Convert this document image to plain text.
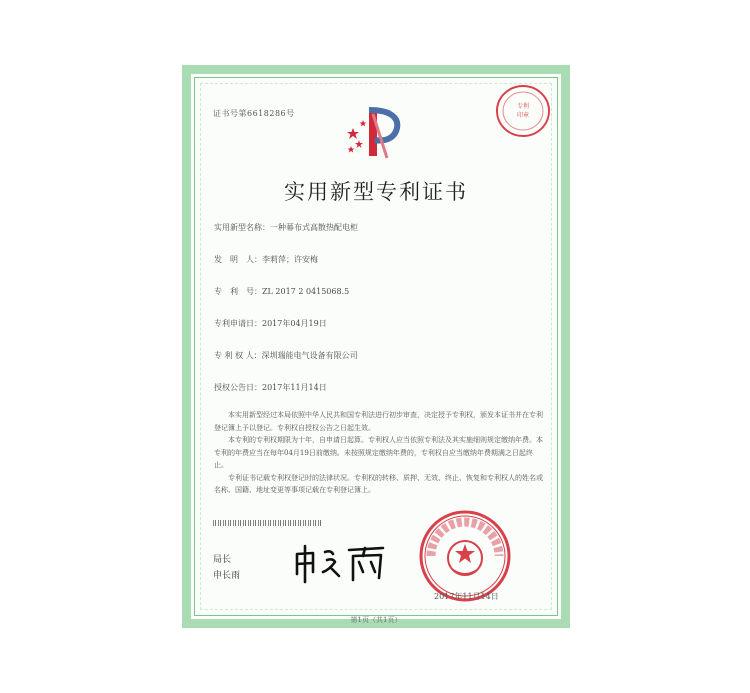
证书号第6618286号
专利
印章
实用新型专利证书
实用新型名称：一种幕布式高散热配电柜
发　明　人：李莉萍；许安梅
专　利　号：ZL 2017 2 0415068.5
专利申请日：2017年04月19日
专 利 权 人：深圳瑞能电气设备有限公司
授权公告日：2017年11月14日

本实用新型经过本局依照中华人民共和国专利法进行初步审查，决定授予专利权，颁发本证书并在专利登记簿上予以登记。专利权自授权公告之日起生效。

本专利的专利权期限为十年，自申请日起算。专利权人应当依照专利法及其实施细则规定缴纳年费。本专利的年费应当在每年04月19日前缴纳。未按照规定缴纳年费的，专利权自应当缴纳年费期满之日起终止。

专利证书记载专利权登记时的法律状况。专利权的转移、质押、无效、终止、恢复和专利权人的姓名或名称、国籍、地址变更等事项记载在专利登记簿上。

局长
申长雨
2017年11月14日
第1页（共1页）
